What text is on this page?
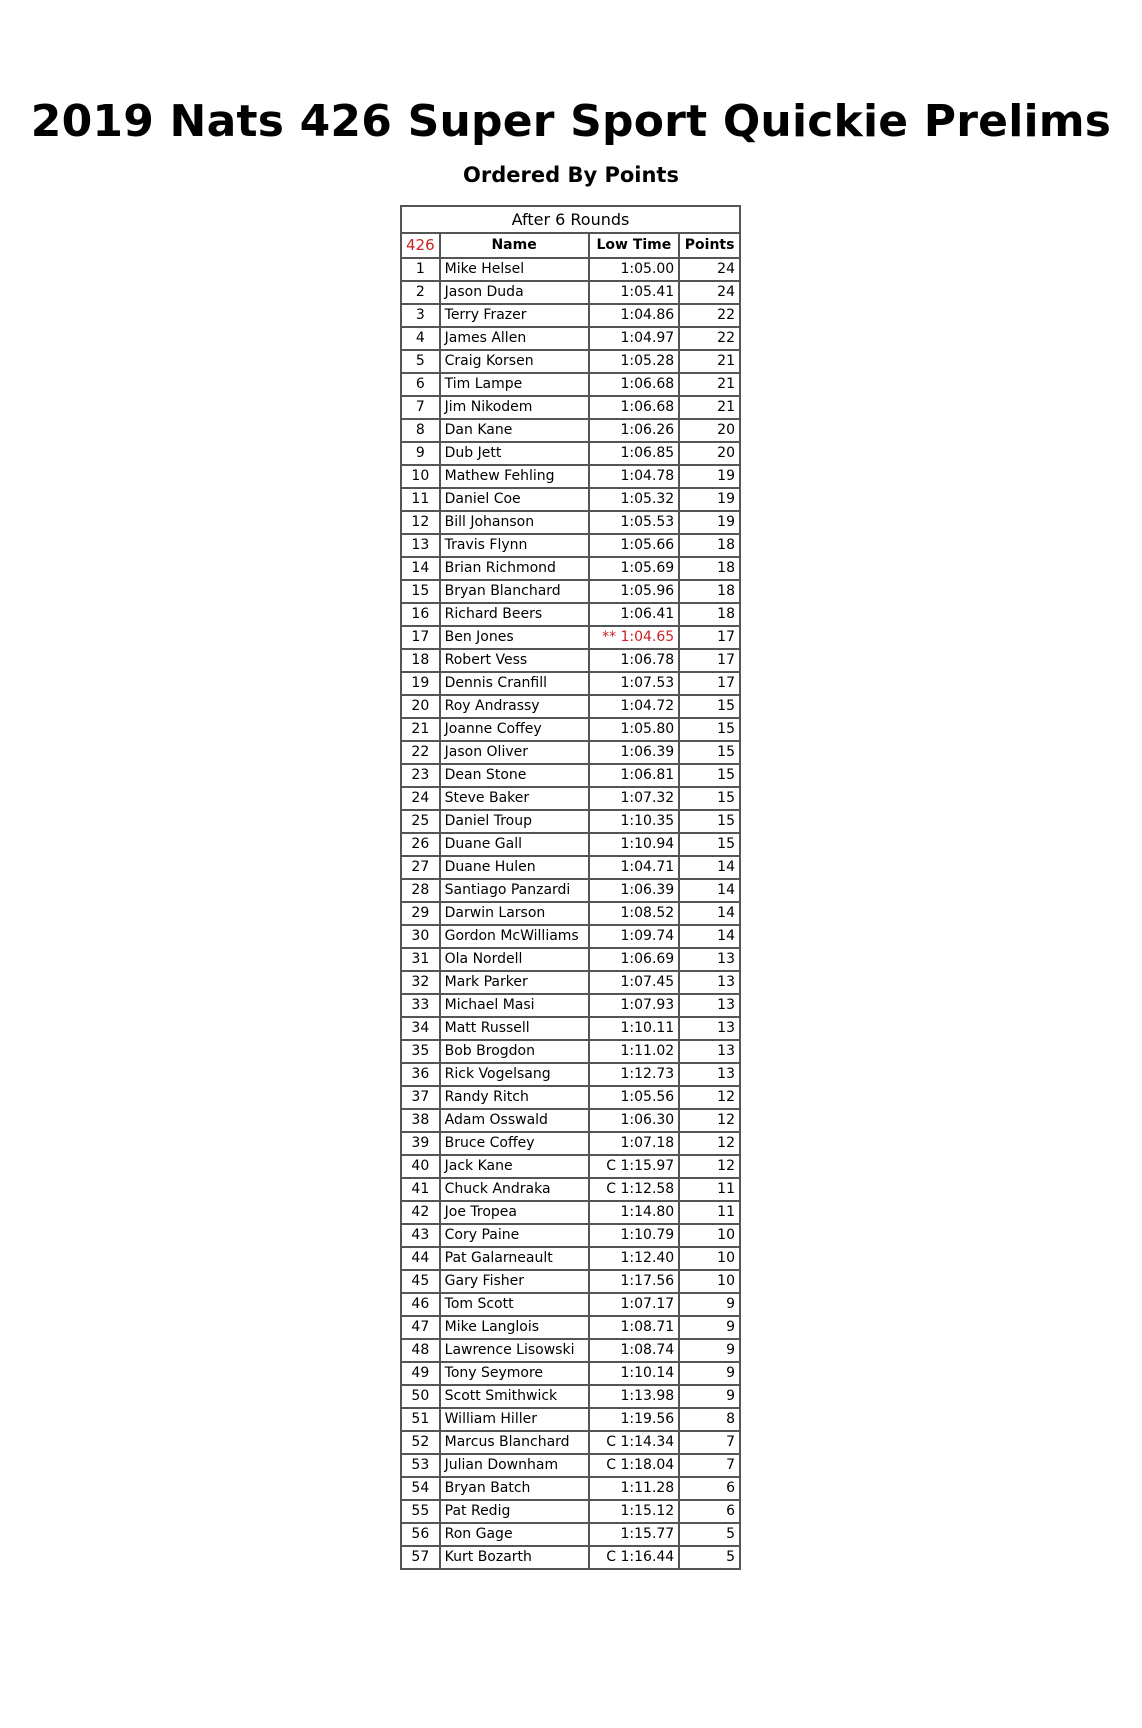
2019 Nats 426 Super Sport Quickie Prelims
Ordered By Points
After 6 Rounds			
426	Name	Low Time	Points
1	Mike Helsel	1:05.00	24
2	Jason Duda	1:05.41	24
3	Terry Frazer	1:04.86	22
4	James Allen	1:04.97	22
5	Craig Korsen	1:05.28	21
6	Tim Lampe	1:06.68	21
7	Jim Nikodem	1:06.68	21
8	Dan Kane	1:06.26	20
9	Dub Jett	1:06.85	20
10	Mathew Fehling	1:04.78	19
11	Daniel Coe	1:05.32	19
12	Bill Johanson	1:05.53	19
13	Travis Flynn	1:05.66	18
14	Brian Richmond	1:05.69	18
15	Bryan Blanchard	1:05.96	18
16	Richard Beers	1:06.41	18
17	Ben Jones	** 1:04.65	17
18	Robert Vess	1:06.78	17
19	Dennis Cranfill	1:07.53	17
20	Roy Andrassy	1:04.72	15
21	Joanne Coffey	1:05.80	15
22	Jason Oliver	1:06.39	15
23	Dean Stone	1:06.81	15
24	Steve Baker	1:07.32	15
25	Daniel Troup	1:10.35	15
26	Duane Gall	1:10.94	15
27	Duane Hulen	1:04.71	14
28	Santiago Panzardi	1:06.39	14
29	Darwin Larson	1:08.52	14
30	Gordon McWilliams	1:09.74	14
31	Ola Nordell	1:06.69	13
32	Mark Parker	1:07.45	13
33	Michael Masi	1:07.93	13
34	Matt Russell	1:10.11	13
35	Bob Brogdon	1:11.02	13
36	Rick Vogelsang	1:12.73	13
37	Randy Ritch	1:05.56	12
38	Adam Osswald	1:06.30	12
39	Bruce Coffey	1:07.18	12
40	Jack Kane	C 1:15.97	12
41	Chuck Andraka	C 1:12.58	11
42	Joe Tropea	1:14.80	11
43	Cory Paine	1:10.79	10
44	Pat Galarneault	1:12.40	10
45	Gary Fisher	1:17.56	10
46	Tom Scott	1:07.17	9
47	Mike Langlois	1:08.71	9
48	Lawrence Lisowski	1:08.74	9
49	Tony Seymore	1:10.14	9
50	Scott Smithwick	1:13.98	9
51	William Hiller	1:19.56	8
52	Marcus Blanchard	C 1:14.34	7
53	Julian Downham	C 1:18.04	7
54	Bryan Batch	1:11.28	6
55	Pat Redig	1:15.12	6
56	Ron Gage	1:15.77	5
57	Kurt Bozarth	C 1:16.44	5
